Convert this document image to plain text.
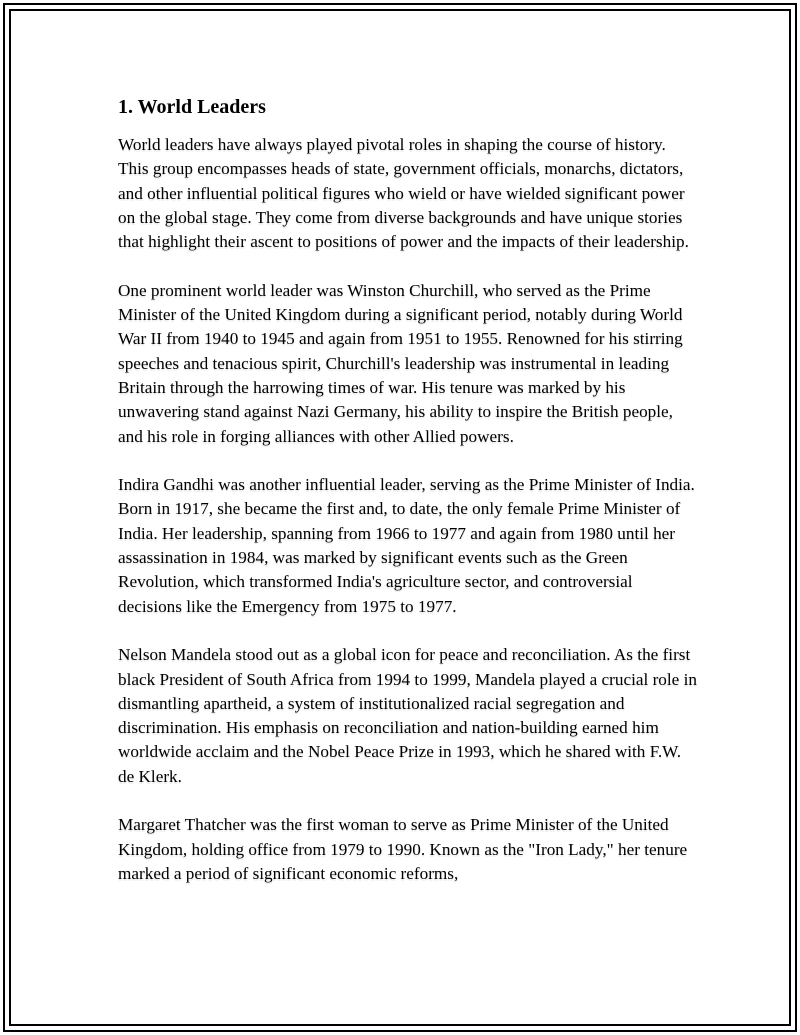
1. World Leaders

World leaders have always played pivotal roles in shaping the course of history. This group encompasses heads of state, government officials, monarchs, dictators, and other influential political figures who wield or have wielded significant power on the global stage. They come from diverse backgrounds and have unique stories that highlight their ascent to positions of power and the impacts of their leadership.

One prominent world leader was Winston Churchill, who served as the Prime Minister of the United Kingdom during a significant period, notably during World War II from 1940 to 1945 and again from 1951 to 1955. Renowned for his stirring speeches and tenacious spirit, Churchill's leadership was instrumental in leading Britain through the harrowing times of war. His tenure was marked by his unwavering stand against Nazi Germany, his ability to inspire the British people, and his role in forging alliances with other Allied powers.

Indira Gandhi was another influential leader, serving as the Prime Minister of India. Born in 1917, she became the first and, to date, the only female Prime Minister of India. Her leadership, spanning from 1966 to 1977 and again from 1980 until her assassination in 1984, was marked by significant events such as the Green Revolution, which transformed India's agriculture sector, and controversial decisions like the Emergency from 1975 to 1977.

Nelson Mandela stood out as a global icon for peace and reconciliation. As the first black President of South Africa from 1994 to 1999, Mandela played a crucial role in dismantling apartheid, a system of institutionalized racial segregation and discrimination. His emphasis on reconciliation and nation-building earned him worldwide acclaim and the Nobel Peace Prize in 1993, which he shared with F.W. de Klerk.

Margaret Thatcher was the first woman to serve as Prime Minister of the United Kingdom, holding office from 1979 to 1990. Known as the "Iron Lady," her tenure marked a period of significant economic reforms,
